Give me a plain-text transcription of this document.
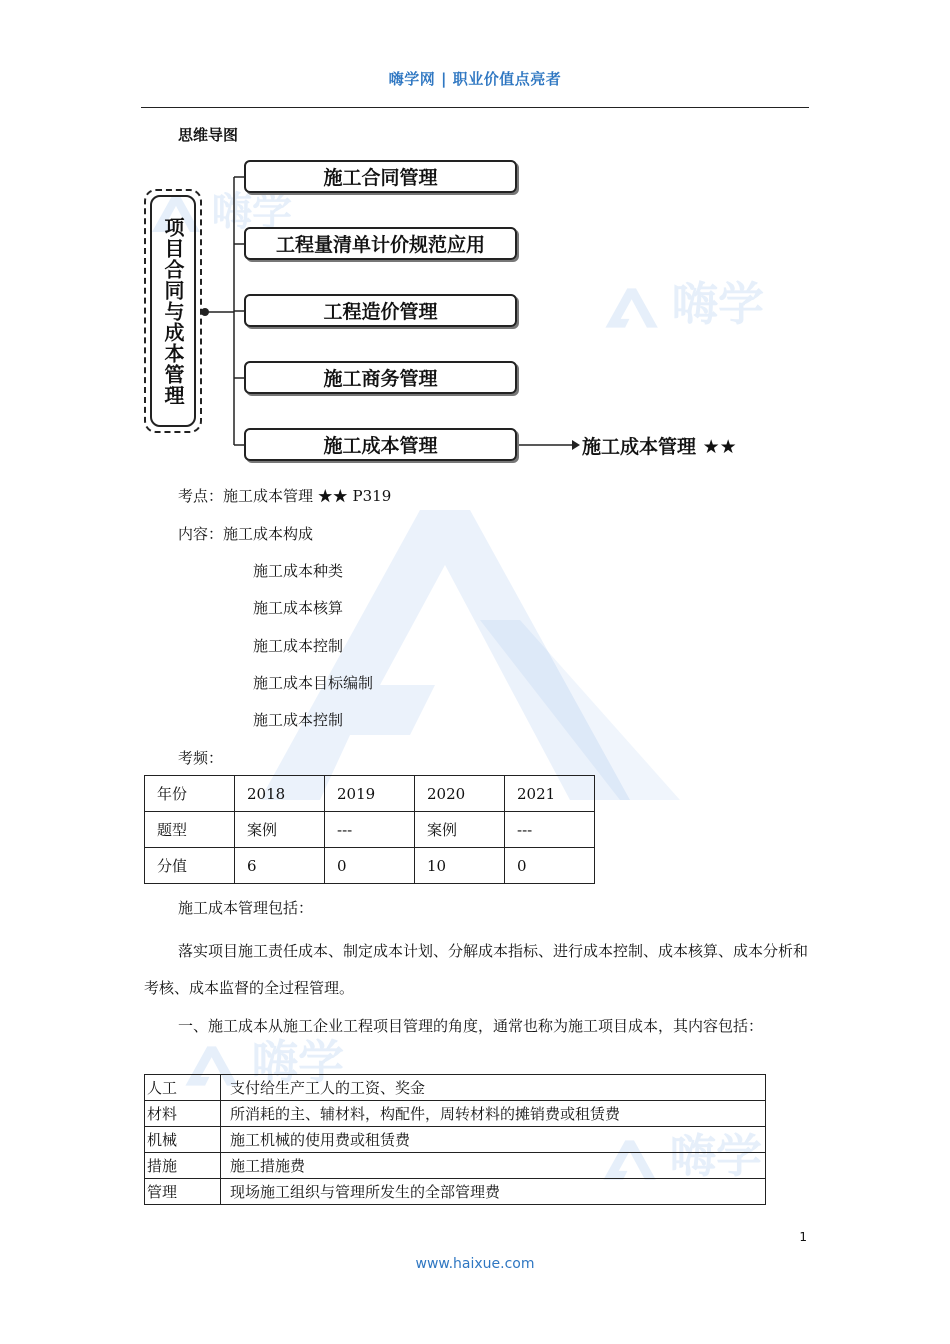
嗨学网 | 职业价值点亮者
嗨学
嗨学
嗨学
嗨学
思维导图
项目合同与成本管理
施工合同管理
工程量清单计价规范应用
工程造价管理
施工商务管理
施工成本管理	施工成本管理 ★★
考点：施工成本管理 ★★ P319
内容：施工成本构成
施工成本种类
施工成本核算
施工成本控制
施工成本目标编制
施工成本控制
考频：
年份	2018	2019	2020	2021
题型	案例	---	案例	---
分值	6	0	10	0
施工成本管理包括：
落实项目施工责任成本、制定成本计划、分解成本指标、进行成本控制、成本核算、成本分析和考核、成本监督的全过程管理。
一、施工成本从施工企业工程项目管理的角度，通常也称为施工项目成本，其内容包括：
人工	支付给生产工人的工资、奖金
材料	所消耗的主、辅材料，构配件，周转材料的摊销费或租赁费
机械	施工机械的使用费或租赁费
措施	施工措施费
管理	现场施工组织与管理所发生的全部管理费
1
www.haixue.com
